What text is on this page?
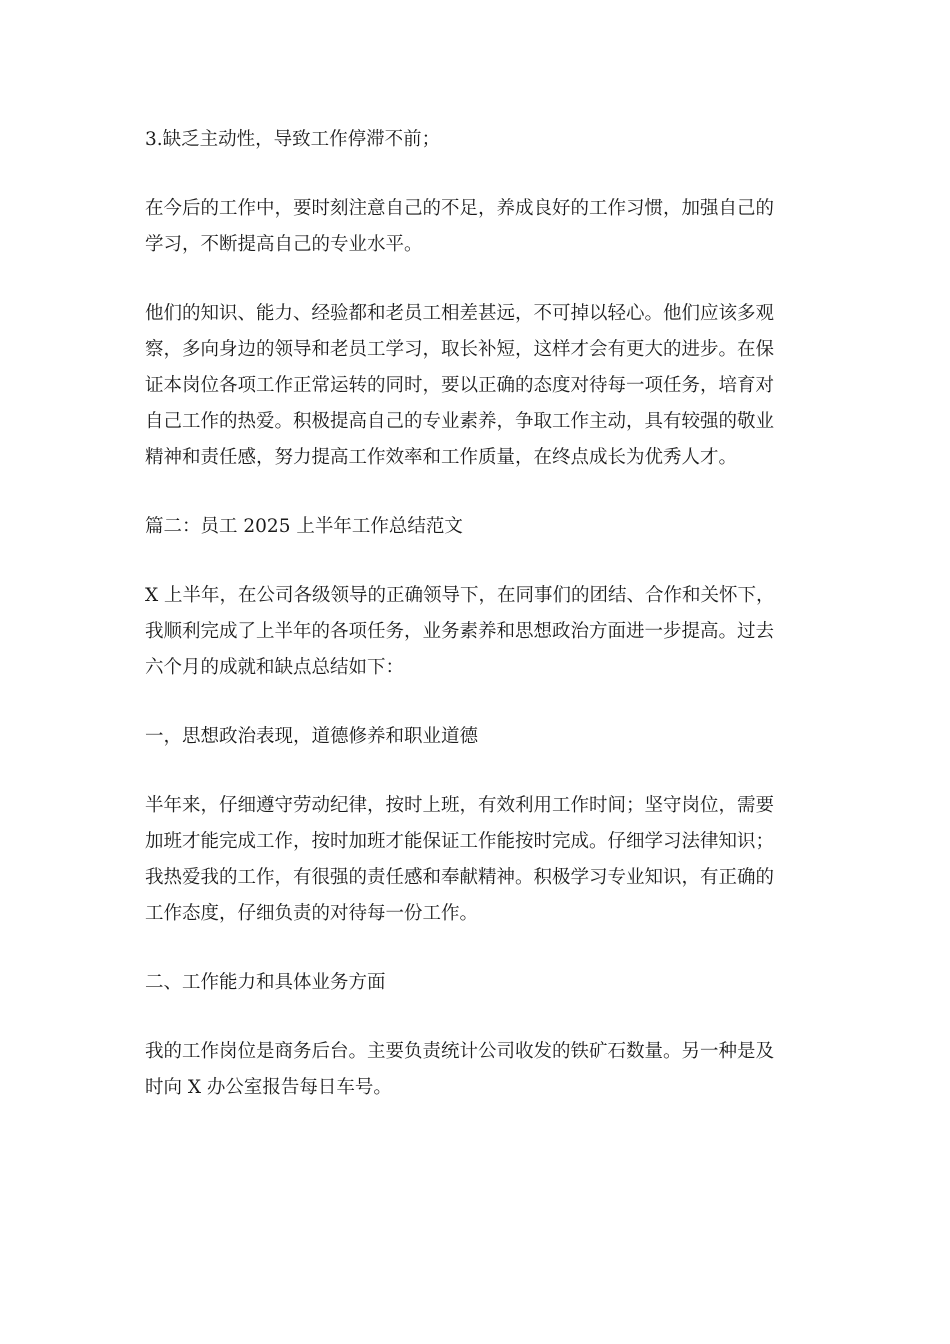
3.缺乏主动性，导致工作停滞不前；

在今后的工作中，要时刻注意自己的不足，养成良好的工作习惯，加强自己的
学习，不断提高自己的专业水平。

他们的知识、能力、经验都和老员工相差甚远，不可掉以轻心。他们应该多观
察，多向身边的领导和老员工学习，取长补短，这样才会有更大的进步。在保
证本岗位各项工作正常运转的同时，要以正确的态度对待每一项任务，培育对
自己工作的热爱。积极提高自己的专业素养，争取工作主动，具有较强的敬业
精神和责任感，努力提高工作效率和工作质量，在终点成长为优秀人才。

篇二：员工 2025 上半年工作总结范文

X 上半年，在公司各级领导的正确领导下，在同事们的团结、合作和关怀下，
我顺利完成了上半年的各项任务，业务素养和思想政治方面进一步提高。过去
六个月的成就和缺点总结如下：

一，思想政治表现，道德修养和职业道德

半年来，仔细遵守劳动纪律，按时上班，有效利用工作时间；坚守岗位，需要
加班才能完成工作，按时加班才能保证工作能按时完成。仔细学习法律知识；
我热爱我的工作，有很强的责任感和奉献精神。积极学习专业知识，有正确的
工作态度，仔细负责的对待每一份工作。

二、工作能力和具体业务方面

我的工作岗位是商务后台。主要负责统计公司收发的铁矿石数量。另一种是及
时向 X 办公室报告每日车号。
